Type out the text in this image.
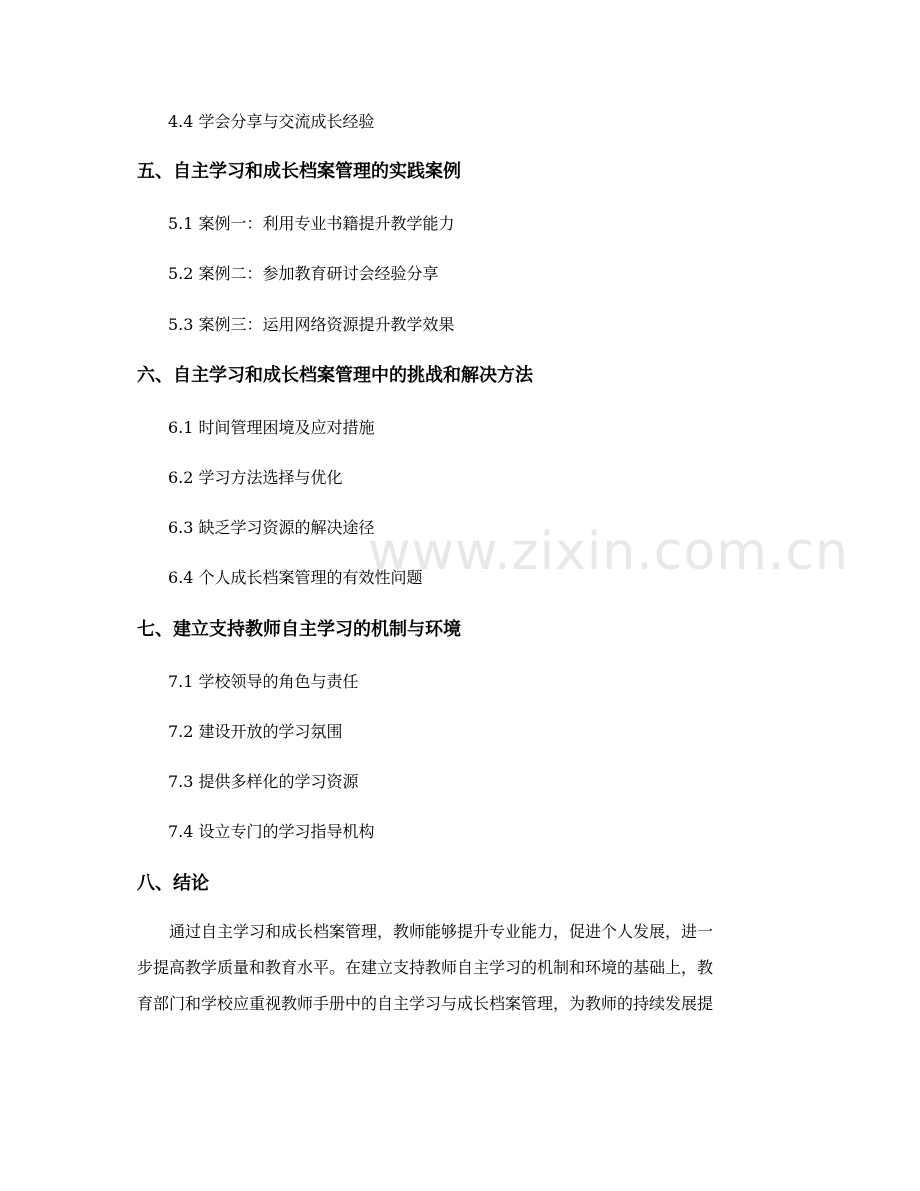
www.zixin.com.cn
4.4 学会分享与交流成长经验
五、自主学习和成长档案管理的实践案例
5.1 案例一：利用专业书籍提升教学能力
5.2 案例二：参加教育研讨会经验分享
5.3 案例三：运用网络资源提升教学效果
六、自主学习和成长档案管理中的挑战和解决方法
6.1 时间管理困境及应对措施
6.2 学习方法选择与优化
6.3 缺乏学习资源的解决途径
6.4 个人成长档案管理的有效性问题
七、建立支持教师自主学习的机制与环境
7.1 学校领导的角色与责任
7.2 建设开放的学习氛围
7.3 提供多样化的学习资源
7.4 设立专门的学习指导机构
八、结论

通过自主学习和成长档案管理，教师能够提升专业能力，促进个人发展，进一
步提高教学质量和教育水平。在建立支持教师自主学习的机制和环境的基础上，教
育部门和学校应重视教师手册中的自主学习与成长档案管理，为教师的持续发展提
